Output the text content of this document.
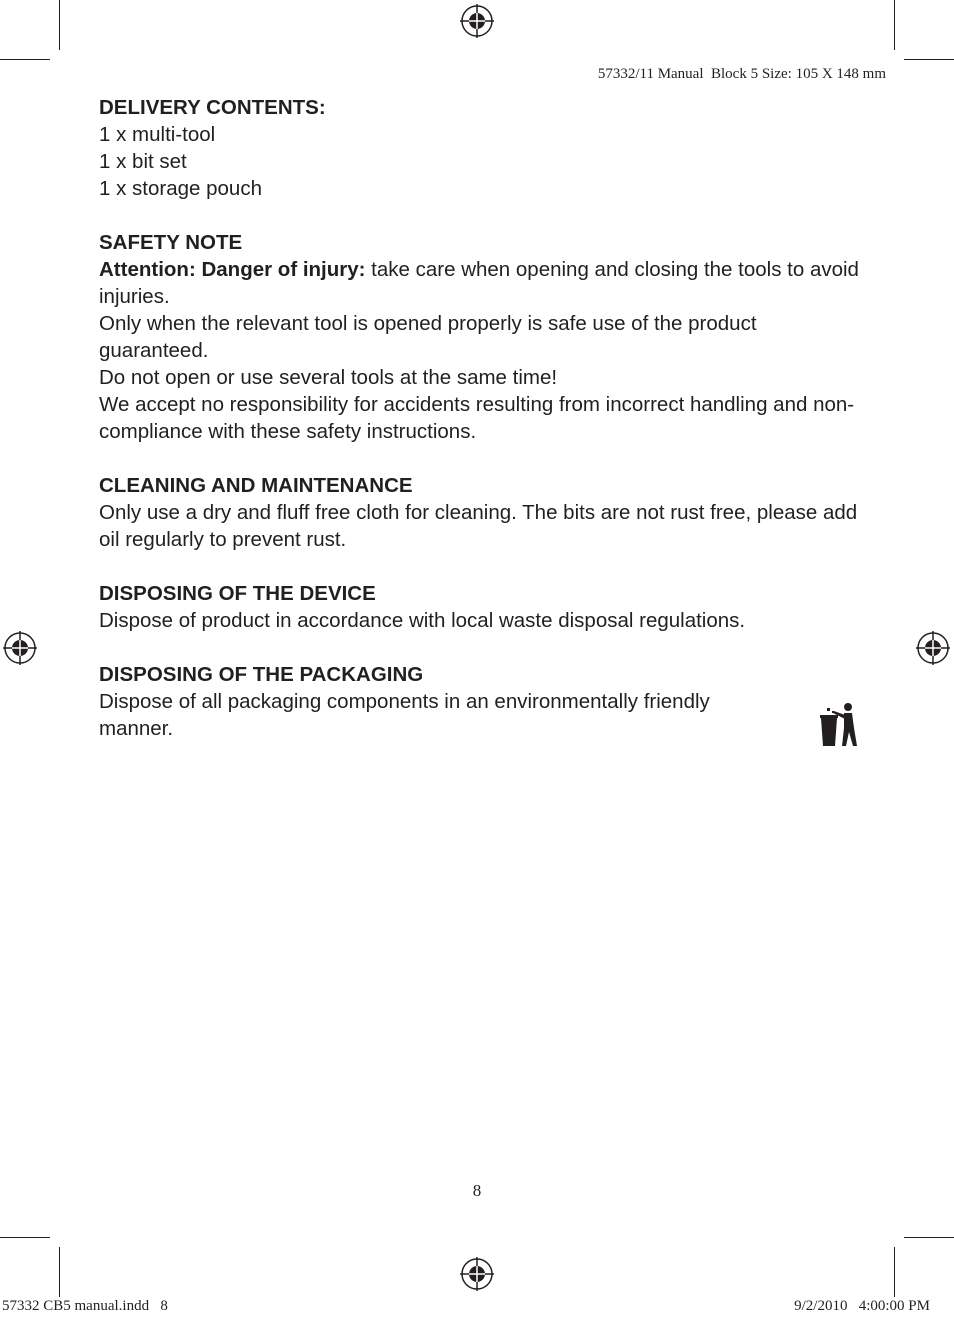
57332/11 Manual  Block 5 Size: 105 X 148 mm
DELIVERY CONTENTS:
1 x multi-tool
1 x bit set
1 x storage pouch
SAFETY NOTE

Attention: Danger of injury: take care when opening and closing the tools to avoid injuries.

Only when the relevant tool is opened properly is safe use of the product guaranteed.

Do not open or use several tools at the same time!

We accept no responsibility for accidents resulting from incorrect handling and non-compliance with these safety instructions.

CLEANING AND MAINTENANCE

Only use a dry and fluff free cloth for cleaning. The bits are not rust free, please add oil regularly to prevent rust.

DISPOSING OF THE DEVICE

Dispose of product in accordance with local waste disposal regulations.

DISPOSING OF THE PACKAGING

Dispose of all packaging components in an environmentally friendly manner.

8
57332 CB5 manual.indd   8	9/2/2010   4:00:00 PM
